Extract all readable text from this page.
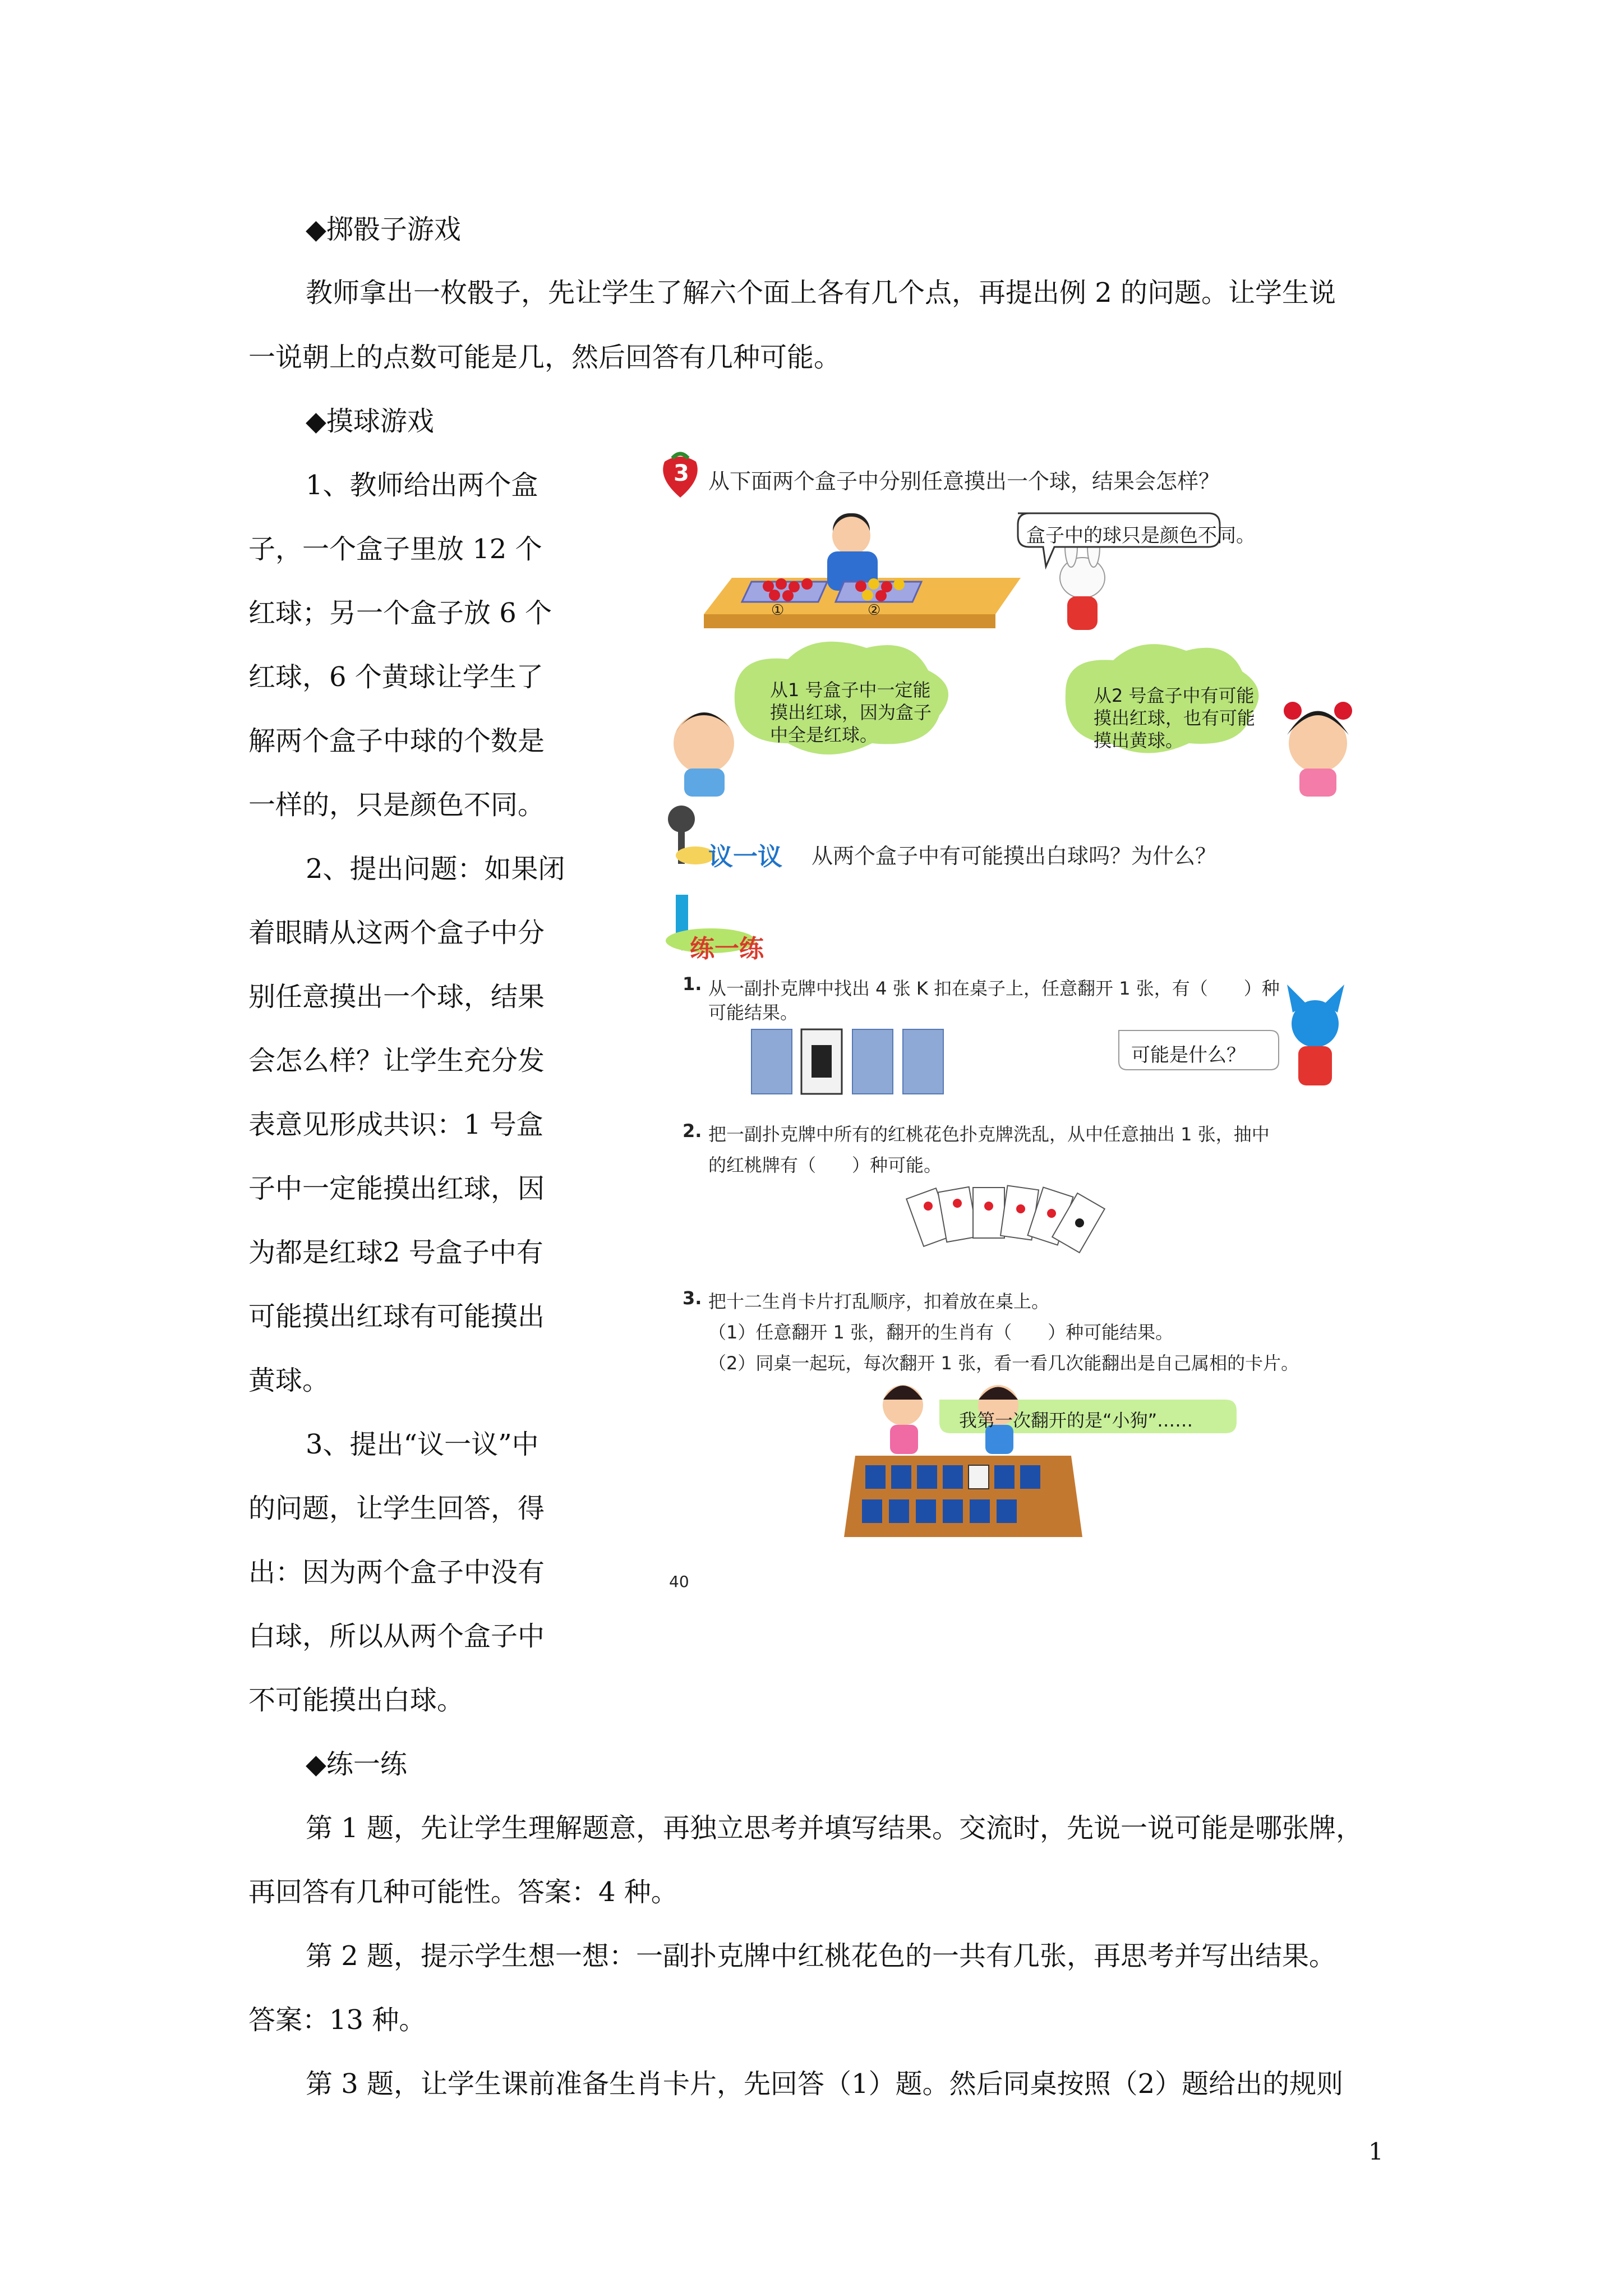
◆掷骰子游戏
教师拿出一枚骰子，先让学生了解六个面上各有几个点，再提出例 2 的问题。让学生说
一说朝上的点数可能是几，然后回答有几种可能。
◆摸球游戏
1、教师给出两个盒
子，一个盒子里放 12 个
红球；另一个盒子放 6 个
红球，6 个黄球让学生了
解两个盒子中球的个数是
一样的，只是颜色不同。
2、提出问题：如果闭
着眼睛从这两个盒子中分
别任意摸出一个球，结果
会怎么样？让学生充分发
表意见形成共识：1 号盒
子中一定能摸出红球，因
为都是红球2 号盒子中有
可能摸出红球有可能摸出
黄球。
3、提出“议一议”中
的问题，让学生回答，得
出：因为两个盒子中没有
白球，所以从两个盒子中
不可能摸出白球。
◆练一练
第 1 题，先让学生理解题意，再独立思考并填写结果。交流时，先说一说可能是哪张牌，
再回答有几种可能性。答案：4 种。
第 2 题，提示学生想一想：一副扑克牌中红桃花色的一共有几张，再思考并写出结果。
答案：13 种。
第 3 题，让学生课前准备生肖卡片，先回答（1）题。然后同桌按照（2）题给出的规则
1
3 从下面两个盒子中分别任意摸出一个球，结果会怎样？
盒子中的球只是颜色不同。
①	②
从1 号盒子中一定能
摸出红球，因为盒子
中全是红球。
从2 号盒子中有可能
摸出红球，也有可能
摸出黄球。
议一议 从两个盒子中有可能摸出白球吗？为什么？
练一练
1. 从一副扑克牌中找出 4 张 K 扣在桌子上，任意翻开 1 张，有（　　）种
可能结果。
可能是什么？
2. 把一副扑克牌中所有的红桃花色扑克牌洗乱，从中任意抽出 1 张，抽中
的红桃牌有（　　）种可能。
3. 把十二生肖卡片打乱顺序，扣着放在桌上。
（1）任意翻开 1 张，翻开的生肖有（　　）种可能结果。
（2）同桌一起玩，每次翻开 1 张，看一看几次能翻出是自己属相的卡片。
我第一次翻开的是“小狗”……
40
